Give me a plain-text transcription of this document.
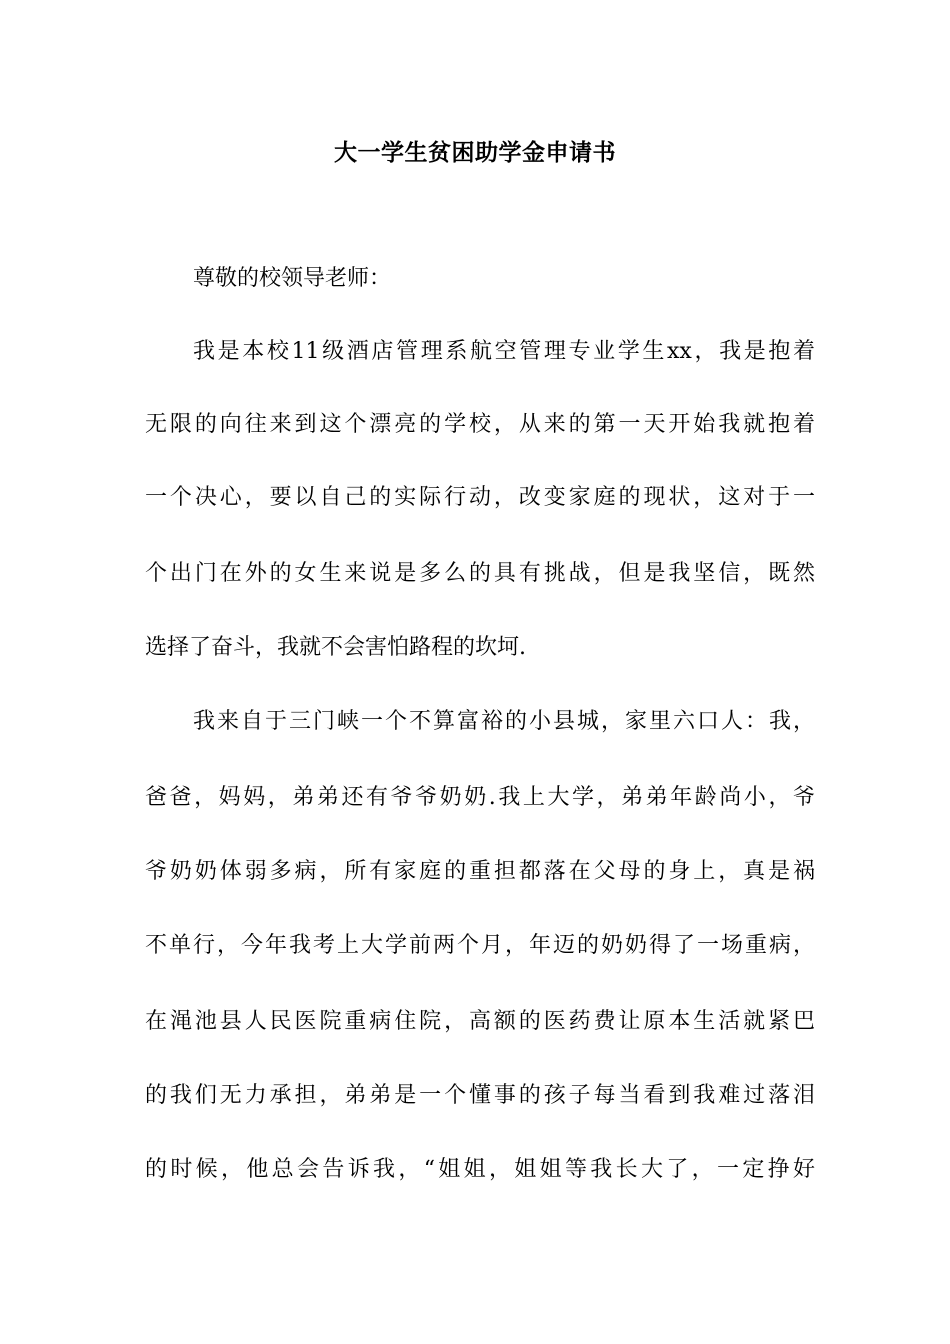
大一学生贫困助学金申请书
尊敬的校领导老师：
我是本校11级酒店管理系航空管理专业学生xx，我是抱着
无限的向往来到这个漂亮的学校，从来的第一天开始我就抱着
一个决心，要以自己的实际行动，改变家庭的现状，这对于一
个出门在外的女生来说是多么的具有挑战，但是我坚信，既然
选择了奋斗，我就不会害怕路程的坎坷.
我来自于三门峡一个不算富裕的小县城，家里六口人：我，
爸爸，妈妈，弟弟还有爷爷奶奶.我上大学，弟弟年龄尚小，爷
爷奶奶体弱多病，所有家庭的重担都落在父母的身上，真是祸
不单行，今年我考上大学前两个月，年迈的奶奶得了一场重病，
在渑池县人民医院重病住院，高额的医药费让原本生活就紧巴
的我们无力承担，弟弟是一个懂事的孩子每当看到我难过落泪
的时候，他总会告诉我，“姐姐，姐姐等我长大了，一定挣好
